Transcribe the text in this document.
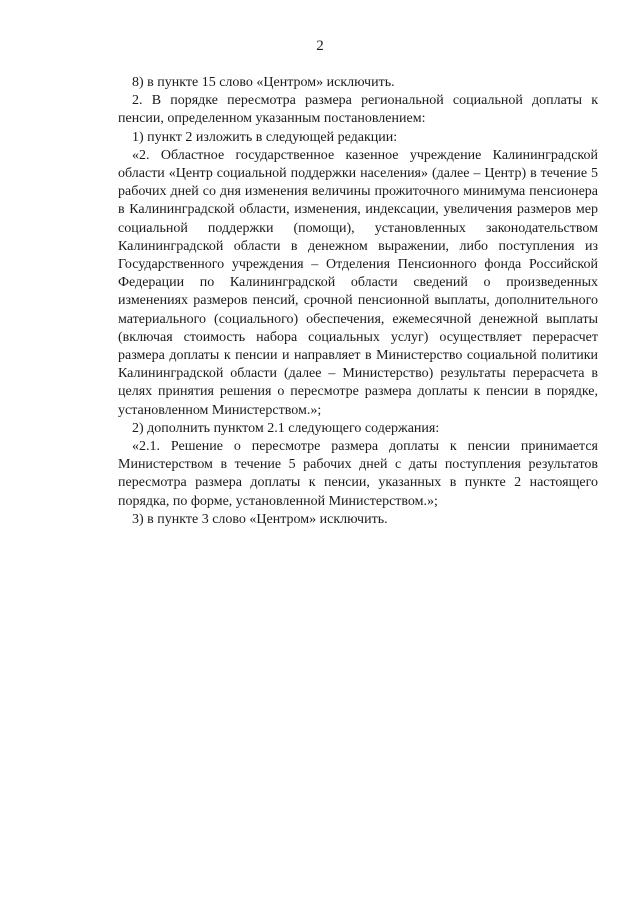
2

8) в пункте 15 слово «Центром» исключить.

2. В порядке пересмотра размера региональной социальной доплаты к пенсии, определенном указанным постановлением:

1) пункт 2 изложить в следующей редакции:

«2. Областное государственное казенное учреждение Калининградской области «Центр социальной поддержки населения» (далее – Центр) в течение 5 рабочих дней со дня изменения величины прожиточного минимума пенсионера в Калининградской области, изменения, индексации, увеличения размеров мер социальной поддержки (помощи), установленных законодательством Калининградской области в денежном выражении, либо поступления из Государственного учреждения – Отделения Пенсионного фонда Российской Федерации по Калининградской области сведений о произведенных изменениях размеров пенсий, срочной пенсионной выплаты, дополнительного материального (социального) обеспечения, ежемесячной денежной выплаты (включая стоимость набора социальных услуг) осуществляет перерасчет размера доплаты к пенсии и направляет в Министерство социальной политики Калининградской области (далее – Министерство) результаты перерасчета в целях принятия решения о пересмотре размера доплаты к пенсии в порядке, установленном Министерством.»;

2) дополнить пунктом 2.1 следующего содержания:

«2.1. Решение о пересмотре размера доплаты к пенсии принимается Министерством в течение 5 рабочих дней с даты поступления результатов пересмотра размера доплаты к пенсии, указанных в пункте 2 настоящего порядка, по форме, установленной Министерством.»;

3) в пункте 3 слово «Центром» исключить.
